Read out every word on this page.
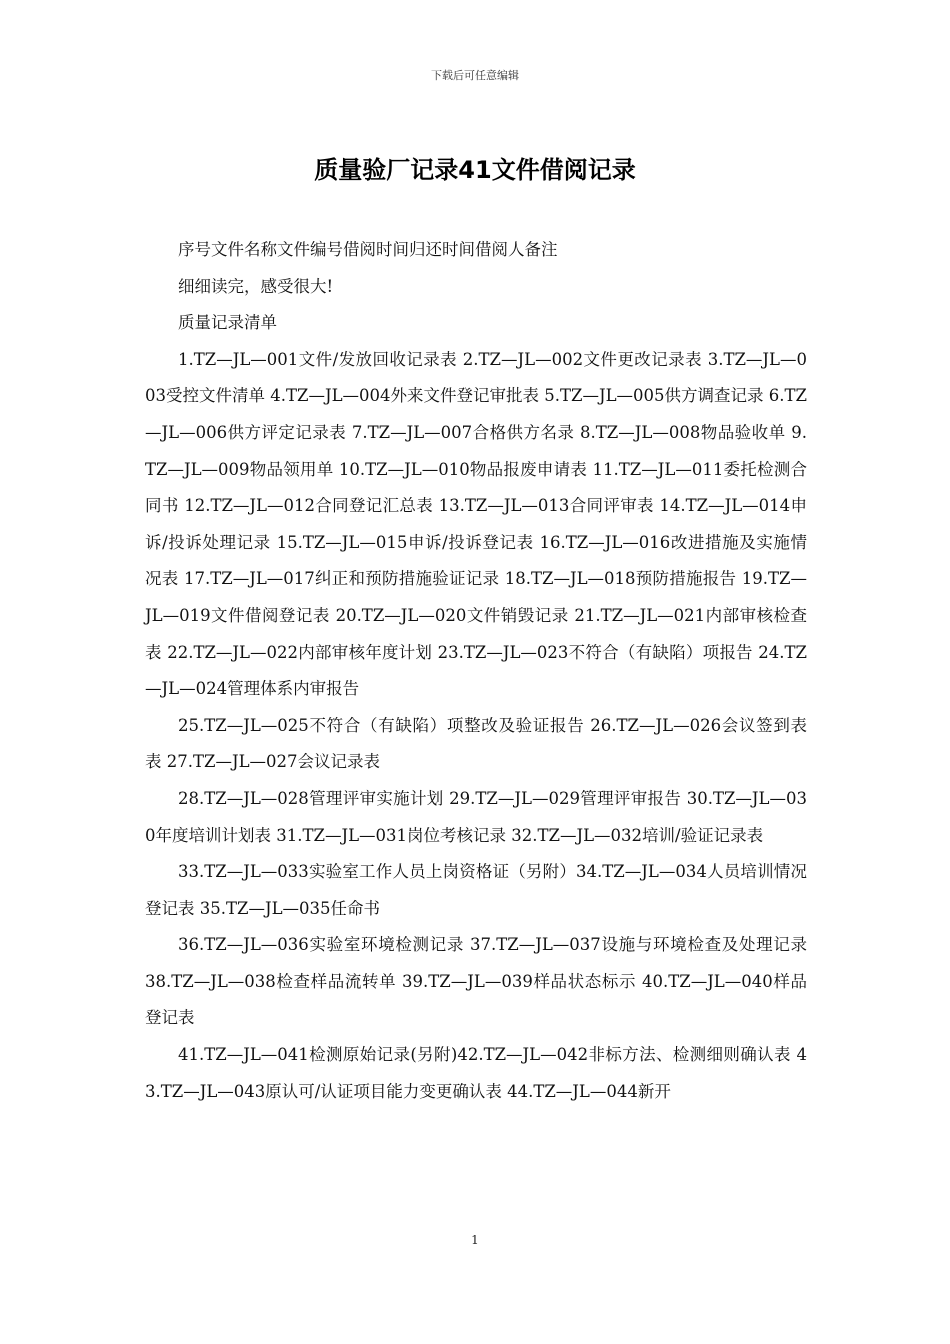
下载后可任意编辑
质量验厂记录41文件借阅记录

序号文件名称文件编号借阅时间归还时间借阅人备注

细细读完，感受很大!

质量记录清单

1.TZ—JL—001文件/发放回收记录表 2.TZ—JL—002文件更改记录表 3.TZ—JL—003受控文件清单 4.TZ—JL—004外来文件登记审批表 5.TZ—JL—005供方调查记录 6.TZ—JL—006供方评定记录表 7.TZ—JL—007合格供方名录 8.TZ—JL—008物品验收单 9.TZ—JL—009物品领用单 10.TZ—JL—010物品报废申请表 11.TZ—JL—011委托检测合同书 12.TZ—JL—012合同登记汇总表 13.TZ—JL—013合同评审表 14.TZ—JL—014申诉/投诉处理记录 15.TZ—JL—015申诉/投诉登记表 16.TZ—JL—016改进措施及实施情况表 17.TZ—JL—017纠正和预防措施验证记录 18.TZ—JL—018预防措施报告 19.TZ—JL—019文件借阅登记表 20.TZ—JL—020文件销毁记录 21.TZ—JL—021内部审核检查表 22.TZ—JL—022内部审核年度计划 23.TZ—JL—023不符合（有缺陷）项报告 24.TZ—JL—024管理体系内审报告

25.TZ—JL—025不符合（有缺陷）项整改及验证报告 26.TZ—JL—026会议签到表表 27.TZ—JL—027会议记录表

28.TZ—JL—028管理评审实施计划 29.TZ—JL—029管理评审报告 30.TZ—JL—030年度培训计划表 31.TZ—JL—031岗位考核记录 32.TZ—JL—032培训/验证记录表

33.TZ—JL—033实验室工作人员上岗资格证（另附）34.TZ—JL—034人员培训情况登记表 35.TZ—JL—035任命书

36.TZ—JL—036实验室环境检测记录 37.TZ—JL—037设施与环境检查及处理记录 38.TZ—JL—038检查样品流转单 39.TZ—JL—039样品状态标示 40.TZ—JL—040样品登记表

41.TZ—JL—041检测原始记录(另附)42.TZ—JL—042非标方法、检测细则确认表 43.TZ—JL—043原认可/认证项目能力变更确认表 44.TZ—JL—044新开

1
